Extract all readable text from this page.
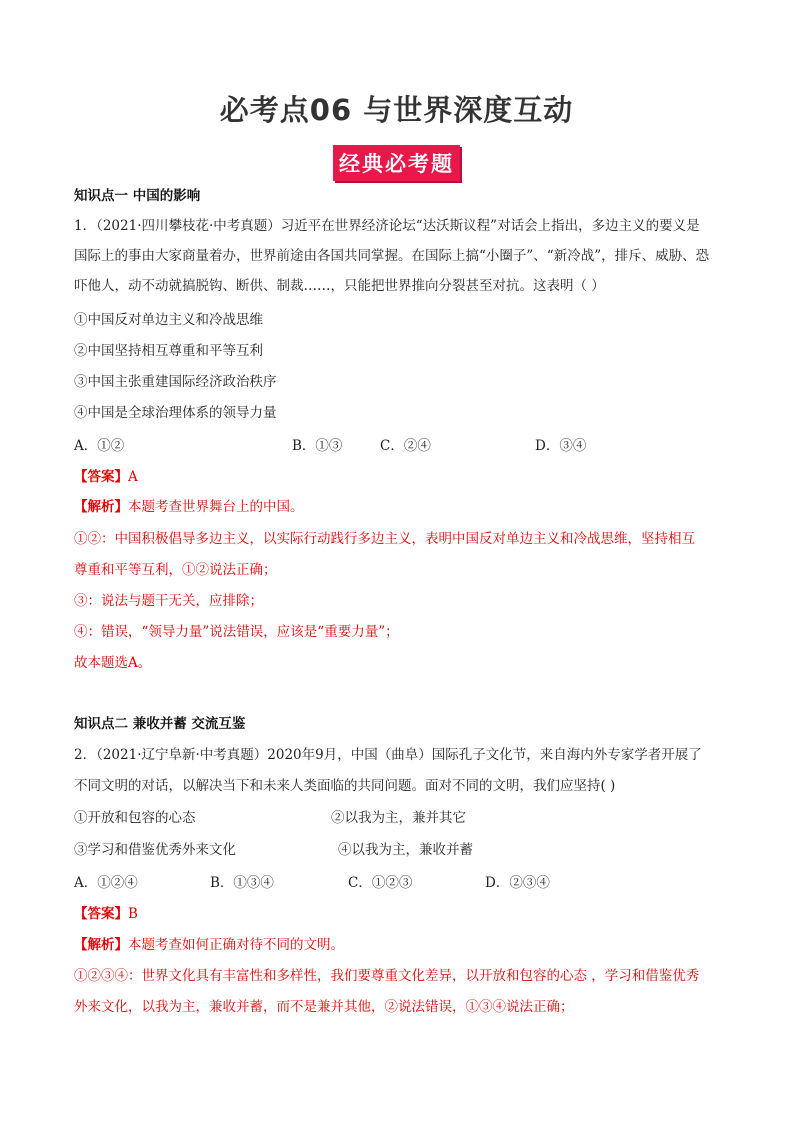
必考点06 与世界深度互动
经典必考题
知识点一 中国的影响
1．（2021·四川攀枝花·中考真题）习近平在世界经济论坛“达沃斯议程”对话会上指出，多边主义的要义是
国际上的事由大家商量着办，世界前途由各国共同掌握。在国际上搞“小圈子”、“新冷战”，排斥、威胁、恐
吓他人，动不动就搞脱钩、断供、制裁……，只能把世界推向分裂甚至对抗。这表明（ ）
①中国反对单边主义和冷战思维
②中国坚持相互尊重和平等互利
③中国主张重建国际经济政治秩序
④中国是全球治理体系的领导力量
A．①②	B．①③	C．②④	D．③④
【答案】A
【解析】本题考查世界舞台上的中国。
①②：中国积极倡导多边主义，以实际行动践行多边主义，表明中国反对单边主义和冷战思维，坚持相互
尊重和平等互利，①②说法正确；
③：说法与题干无关，应排除；
④：错误，“领导力量”说法错误，应该是“重要力量”；
故本题选A。
知识点二 兼收并蓄 交流互鉴
2．（2021·辽宁阜新·中考真题）2020年9月，中国（曲阜）国际孔子文化节，来自海内外专家学者开展了
不同文明的对话，以解决当下和未来人类面临的共同问题。面对不同的文明，我们应坚持( )
①开放和包容的心态	②以我为主，兼并其它
③学习和借鉴优秀外来文化	④以我为主，兼收并蓄
A．①②④	B．①③④	C．①②③	D．②③④
【答案】B
【解析】本题考查如何正确对待不同的文明。
①②③④：世界文化具有丰富性和多样性，我们要尊重文化差异，以开放和包容的心态 ，学习和借鉴优秀
外来文化，以我为主，兼收并蓄，而不是兼并其他，②说法错误，①③④说法正确；
